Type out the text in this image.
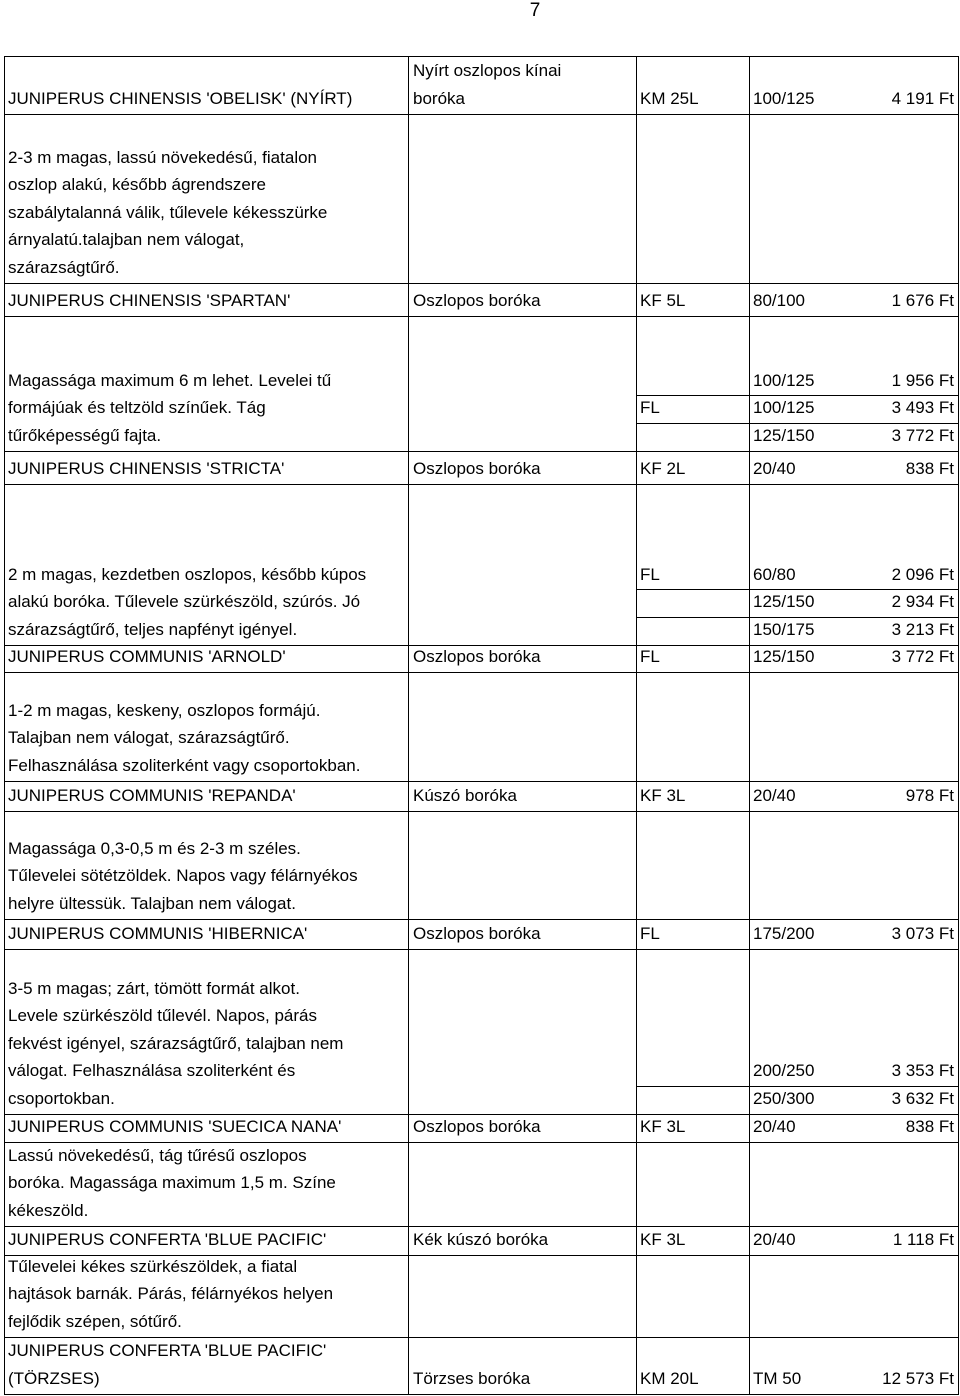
7
JUNIPERUS CHINENSIS 'OBELISK' (NYÍRT)
Nyírt oszlopos kínai
boróka	KM 25L	100/125	4 191 Ft
2-3 m magas, lassú növekedésű, fiatalon
oszlop alakú, később ágrendszere
szabálytalanná válik, tűlevele kékesszürke
árnyalatú.talajban nem válogat,
szárazságtűrő.
JUNIPERUS CHINENSIS 'SPARTAN'	Oszlopos boróka	KF 5L	80/100	1 676 Ft
Magassága maximum 6 m lehet. Levelei tű
formájúak és teltzöld színűek. Tág
tűrőképességű fajta.
100/125	1 956 Ft
FL	100/125	3 493 Ft
125/150	3 772 Ft
JUNIPERUS CHINENSIS 'STRICTA'	Oszlopos boróka	KF 2L	20/40	838 Ft
2 m magas, kezdetben oszlopos, később kúpos
alakú boróka. Tűlevele szürkészöld, szúrós. Jó
szárazságtűrő, teljes napfényt igényel.
FL	60/80	2 096 Ft
125/150	2 934 Ft
150/175	3 213 Ft
JUNIPERUS COMMUNIS 'ARNOLD'	Oszlopos boróka	FL	125/150	3 772 Ft
1-2 m magas, keskeny, oszlopos formájú.
Talajban nem válogat, szárazságtűrő.
Felhasználása szoliterként vagy csoportokban.
JUNIPERUS COMMUNIS 'REPANDA'	Kúszó boróka	KF 3L	20/40	978 Ft
Magassága 0,3-0,5 m és 2-3 m széles.
Tűlevelei sötétzöldek. Napos vagy félárnyékos
helyre ültessük. Talajban nem válogat.
JUNIPERUS COMMUNIS 'HIBERNICA'	Oszlopos boróka	FL	175/200	3 073 Ft
3-5 m magas; zárt, tömött formát alkot.
Levele szürkészöld tűlevél. Napos, párás
fekvést igényel, szárazságtűrő, talajban nem
válogat. Felhasználása szoliterként és
csoportokban.
200/250	3 353 Ft
250/300	3 632 Ft
JUNIPERUS COMMUNIS 'SUECICA NANA'	Oszlopos boróka	KF 3L	20/40	838 Ft
Lassú növekedésű, tág tűrésű oszlopos
boróka. Magassága maximum 1,5 m. Színe
kékeszöld.
JUNIPERUS CONFERTA 'BLUE PACIFIC'	Kék kúszó boróka	KF 3L	20/40	1 118 Ft
Tűlevelei kékes szürkészöldek, a fiatal
hajtások barnák. Párás, félárnyékos helyen
fejlődik szépen, sótűrő.
JUNIPERUS CONFERTA 'BLUE PACIFIC'
(TÖRZSES)	Törzses boróka	KM 20L	TM 50	12 573 Ft
